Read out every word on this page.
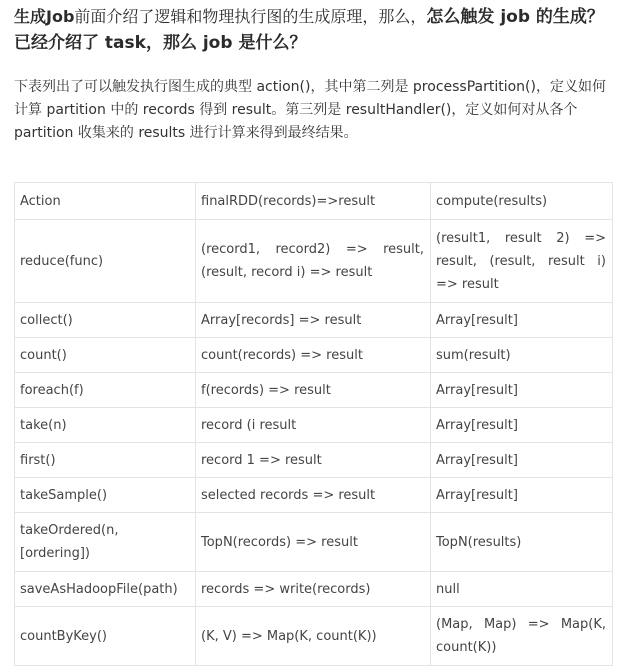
生成Job前面介绍了逻辑和物理执行图的生成原理，那么，怎么触发 job 的生成？已经介绍了 task，那么 job 是什么？

下表列出了可以触发执行图生成的典型 action()，其中第二列是 processPartition()，定义如何计算 partition 中的 records 得到 result。第三列是 resultHandler()，定义如何对从各个 partition 收集来的 results 进行计算来得到最终结果。

Action	finalRDD(records)=>result	compute(results)
reduce(func)	(record1, record2) => result, (result, record i) => result	(result1, result 2) => result, (result, result i) => result
collect()	Array[records] => result	Array[result]
count()	count(records) => result	sum(result)
foreach(f)	f(records) => result	Array[result]
take(n)	record (i result	Array[result]
first()	record 1 => result	Array[result]
takeSample()	selected records => result	Array[result]
takeOrdered(n, [ordering])	TopN(records) => result	TopN(results)
saveAsHadoopFile(path)	records => write(records)	null
countByKey()	(K, V) => Map(K, count(K))	(Map, Map) => Map(K, count(K))
